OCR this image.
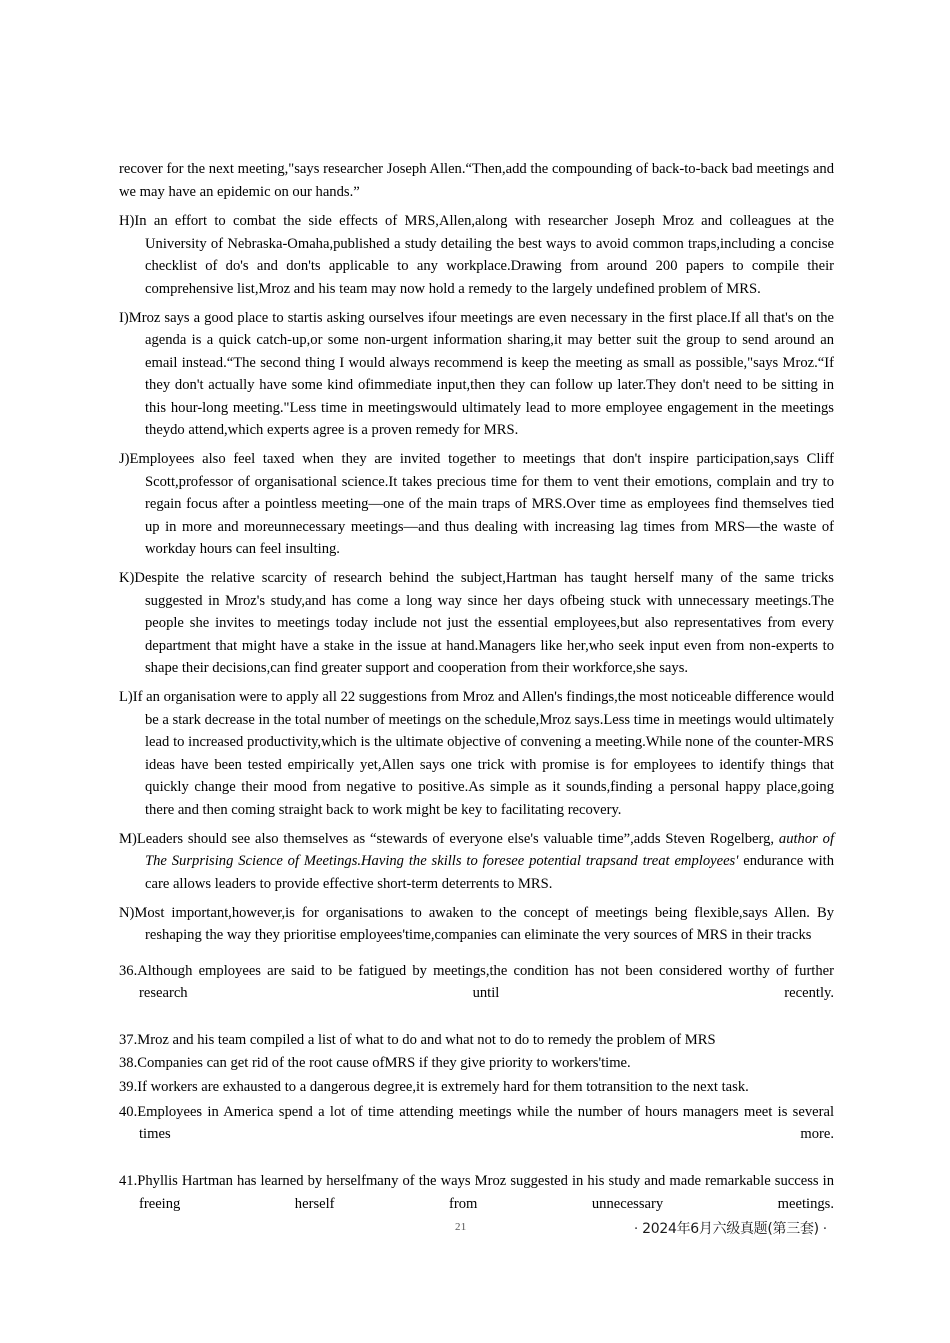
recover for the next meeting,"says researcher Joseph Allen.“Then,add the compounding of back-to-back bad meetings and we may have an epidemic on our hands.”

H)In an effort to combat the side effects of MRS,Allen,along with researcher Joseph Mroz and colleagues at the University of Nebraska-Omaha,published a study detailing the best ways to avoid common traps,including a concise checklist of do's and don'ts applicable to any workplace.Drawing from around 200 papers to compile their comprehensive list,Mroz and his team may now hold a remedy to the largely undefined problem of MRS.

I)Mroz says a good place to startis asking ourselves ifour meetings are even necessary in the first place.If all that's on the agenda is a quick catch-up,or some non-urgent information sharing,it may better suit the group to send around an email instead.“The second thing I would always recommend is keep the meeting as small as possible,"says Mroz.“If they don't actually have some kind ofimmediate input,then they can follow up later.They don't need to be sitting in this hour-long meeting."Less time in meetingswould ultimately lead to more employee engagement in the meetings theydo attend,which experts agree is a proven remedy for MRS.

J)Employees also feel taxed when they are invited together to meetings that don't inspire participation,says Cliff Scott,professor of organisational science.It takes precious time for them to vent their emotions, complain and try to regain focus after a pointless meeting—one of the main traps of MRS.Over time as employees find themselves tied up in more and moreunnecessary meetings—and thus dealing with increasing lag times from MRS—the waste of workday hours can feel insulting.

K)Despite the relative scarcity of research behind the subject,Hartman has taught herself many of the same tricks suggested in Mroz's study,and has come a long way since her days ofbeing stuck with unnecessary meetings.The people she invites to meetings today include not just the essential employees,but also representatives from every department that might have a stake in the issue at hand.Managers like her,who seek input even from non-experts to shape their decisions,can find greater support and cooperation from their workforce,she says.

L)If an organisation were to apply all 22 suggestions from Mroz and Allen's findings,the most noticeable difference would be a stark decrease in the total number of meetings on the schedule,Mroz says.Less time in meetings would ultimately lead to increased productivity,which is the ultimate objective of convening a meeting.While none of the counter-MRS ideas have been tested empirically yet,Allen says one trick with promise is for employees to identify things that quickly change their mood from negative to positive.As simple as it sounds,finding a personal happy place,going there and then coming straight back to work might be key to facilitating recovery.

M)Leaders should see also themselves as “stewards of everyone else's valuable time”,adds Steven Rogelberg, author of The Surprising Science of Meetings.Having the skills to foresee potential trapsand treat employees' endurance with care allows leaders to provide effective short-term deterrents to MRS.

N)Most important,however,is for organisations to awaken to the concept of meetings being flexible,says Allen. By reshaping the way they prioritise employees'time,companies can eliminate the very sources of MRS in their tracks

36.Although employees are said to be fatigued by meetings,the condition has not been considered worthy of further research until recently.

37.Mroz and his team compiled a list of what to do and what not to do to remedy the problem of MRS

38.Companies can get rid of the root cause ofMRS if they give priority to workers'time.

39.If workers are exhausted to a dangerous degree,it is extremely hard for them totransition to the next task.

40.Employees in America spend a lot of time attending meetings while the number of hours managers meet is several times more.

41.Phyllis Hartman has learned by herselfmany of the ways Mroz suggested in his study and made remarkable success in freeing herself from unnecessary meetings.

21	· 2024年6月六级真题(第三套) ·
